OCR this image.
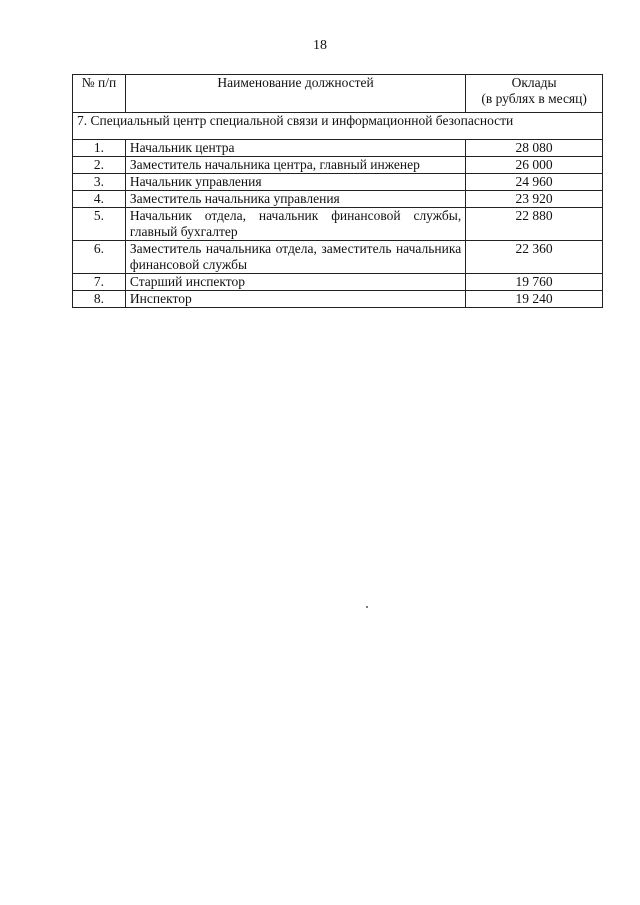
18
№ п/п	Наименование должностей	Оклады
(в рублях в месяц)

7. Специальный центр специальной связи и информационной безопасности		
1.	Начальник центра	28 080
2.	Заместитель начальника центра, главный инженер	26 000
3.	Начальник управления	24 960
4.	Заместитель начальника управления	23 920
5.	Начальник отдела, начальник финансовой службы, главный бухгалтер	22 880
6.	Заместитель начальника отдела, заместитель начальника финансовой службы	22 360
7.	Старший инспектор	19 760
8.	Инспектор	19 240
